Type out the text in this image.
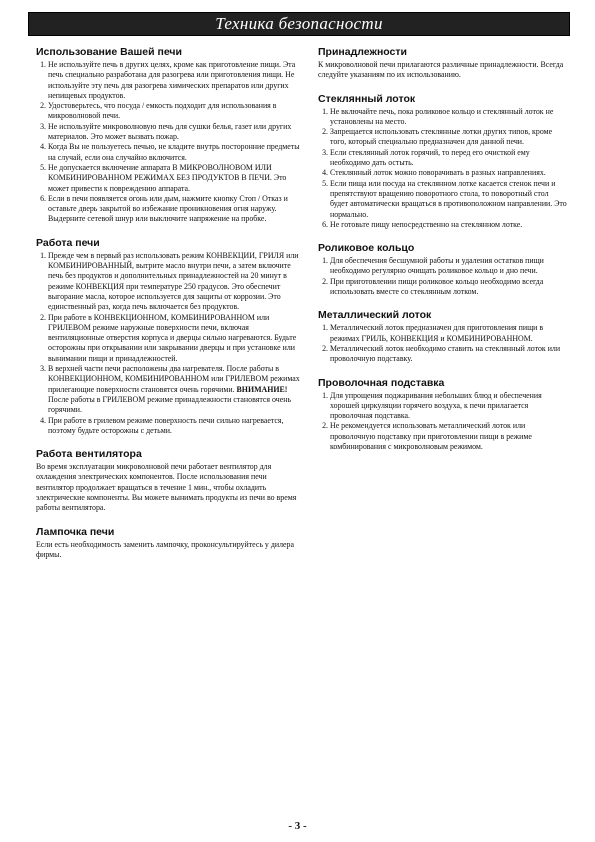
Техника безопасности
Использование Вашей печи
1. Не используйте печь в других целях, кроме как приготовление пищи. Эта печь специально разработана для разогрева или приготовления пищи. Не используйте эту печь для разогрева химических препаратов или других непищевых продуктов.
2. Удостоверьтесь, что посуда / емкость подходит для использования в микроволновой печи.
3. Не используйте микроволновую печь для сушки белья, газет или других материалов. Это может вызвать пожар.
4. Когда Вы не пользуетесь печью, не кладите внутрь посторонние предметы на случай, если она случайно включится.
5. Не допускается включение аппарата В МИКРОВОЛНОВОМ ИЛИ КОМБИНИРОВАННОМ РЕЖИМАХ БЕЗ ПРОДУКТОВ В ПЕЧИ. Это может привести к повреждению аппарата.
6. Если в печи появляется огонь или дым, нажмите кнопку Стоп / Отказ и оставьте дверь закрытой во избежание проникновения огня наружу. Выдерните сетевой шнур или выключите напряжение на пробке.
Работа печи
1. Прежде чем в первый раз использовать режим КОНВЕКЦИИ, ГРИЛЯ или КОМБИНИРОВАННЫЙ, вытрите масло внутри печи, а затем включите печь без продуктов и дополнительных принадлежностей на 20 минут в режиме КОНВЕКЦИЯ при температуре 250 градусов. Это обеспечит выгорание масла, которое используется для защиты от коррозии. Это единственный раз, когда печь включается без продуктов.
2. При работе в КОНВЕКЦИОННОМ, КОМБИНИРОВАННОМ или ГРИЛЕВОМ режиме наружные поверхности печи, включая вентиляционные отверстия корпуса и дверцы сильно нагреваются. Будьте осторожны при открывании или закрывании дверцы и при установке или вынимании пищи и принадлежностей.
3. В верхней части печи расположены два нагревателя. После работы в КОНВЕКЦИОННОМ, КОМБИНИРОВАННОМ или ГРИЛЕВОМ режимах прилегающие поверхности становятся очень горячими. ВНИМАНИЕ! После работы в ГРИЛЕВОМ режиме принадлежности становятся очень горячими.
4. При работе в грилевом режиме поверхность печи сильно нагревается, поэтому будьте осторожны с детьми.
Работа вентилятора

Во время эксплуатации микроволновой печи работает вентилятор для охлаждения электрических компонентов. После использования печи вентилятор продолжает вращаться в течение 1 мин., чтобы охладить электрические компоненты. Вы можете вынимать продукты из печи во время работы вентилятора.

Лампочка печи

Если есть необходимость заменить лампочку, проконсультируйтесь у дилера фирмы.

Принадлежности

К микроволновой печи прилагаются различные принадлежности. Всегда следуйте указаниям по их использованию.

Стеклянный лоток
1. Не включайте печь, пока роликовое кольцо и стеклянный лоток не установлены на место.
2. Запрещается использовать стеклянные лотки других типов, кроме того, который специально предназначен для данной печи.
3. Если стеклянный лоток горячий, то перед его очисткой ему необходимо дать остыть.
4. Стеклянный лоток можно поворачивать в разных направлениях.
5. Если пища или посуда на стеклянном лотке касается стенок печи и препятствуют вращению поворотного стола, то поворотный стол будет автоматически вращаться в противоположном направлении. Это нормально.
6. Не готовьте пищу непосредственно на стеклянном лотке.
Роликовое кольцо
1. Для обеспечения бесшумной работы и удаления остатков пищи необходимо регулярно очищать роликовое кольцо и дно печи.
2. При приготовлении пищи роликовое кольцо необходимо всегда использовать вместе со стеклянным лотком.
Металлический лоток
1. Металлический лоток предназначен для приготовления пищи в режимах ГРИЛЬ, КОНВЕКЦИЯ и КОМБИНИРОВАННОМ.
2. Металлический лоток необходимо ставить на стеклянный лоток или проволочную подставку.
Проволочная подставка
1. Для упрощения поджаривания небольших блюд и обеспечения хорошей циркуляции горячего воздуха, к печи прилагается проволочная подставка.
2. Не рекомендуется использовать металлический лоток или проволочную подставку при приготовлении пищи в режиме комбинирования с микроволновым режимом.
- 3 -
